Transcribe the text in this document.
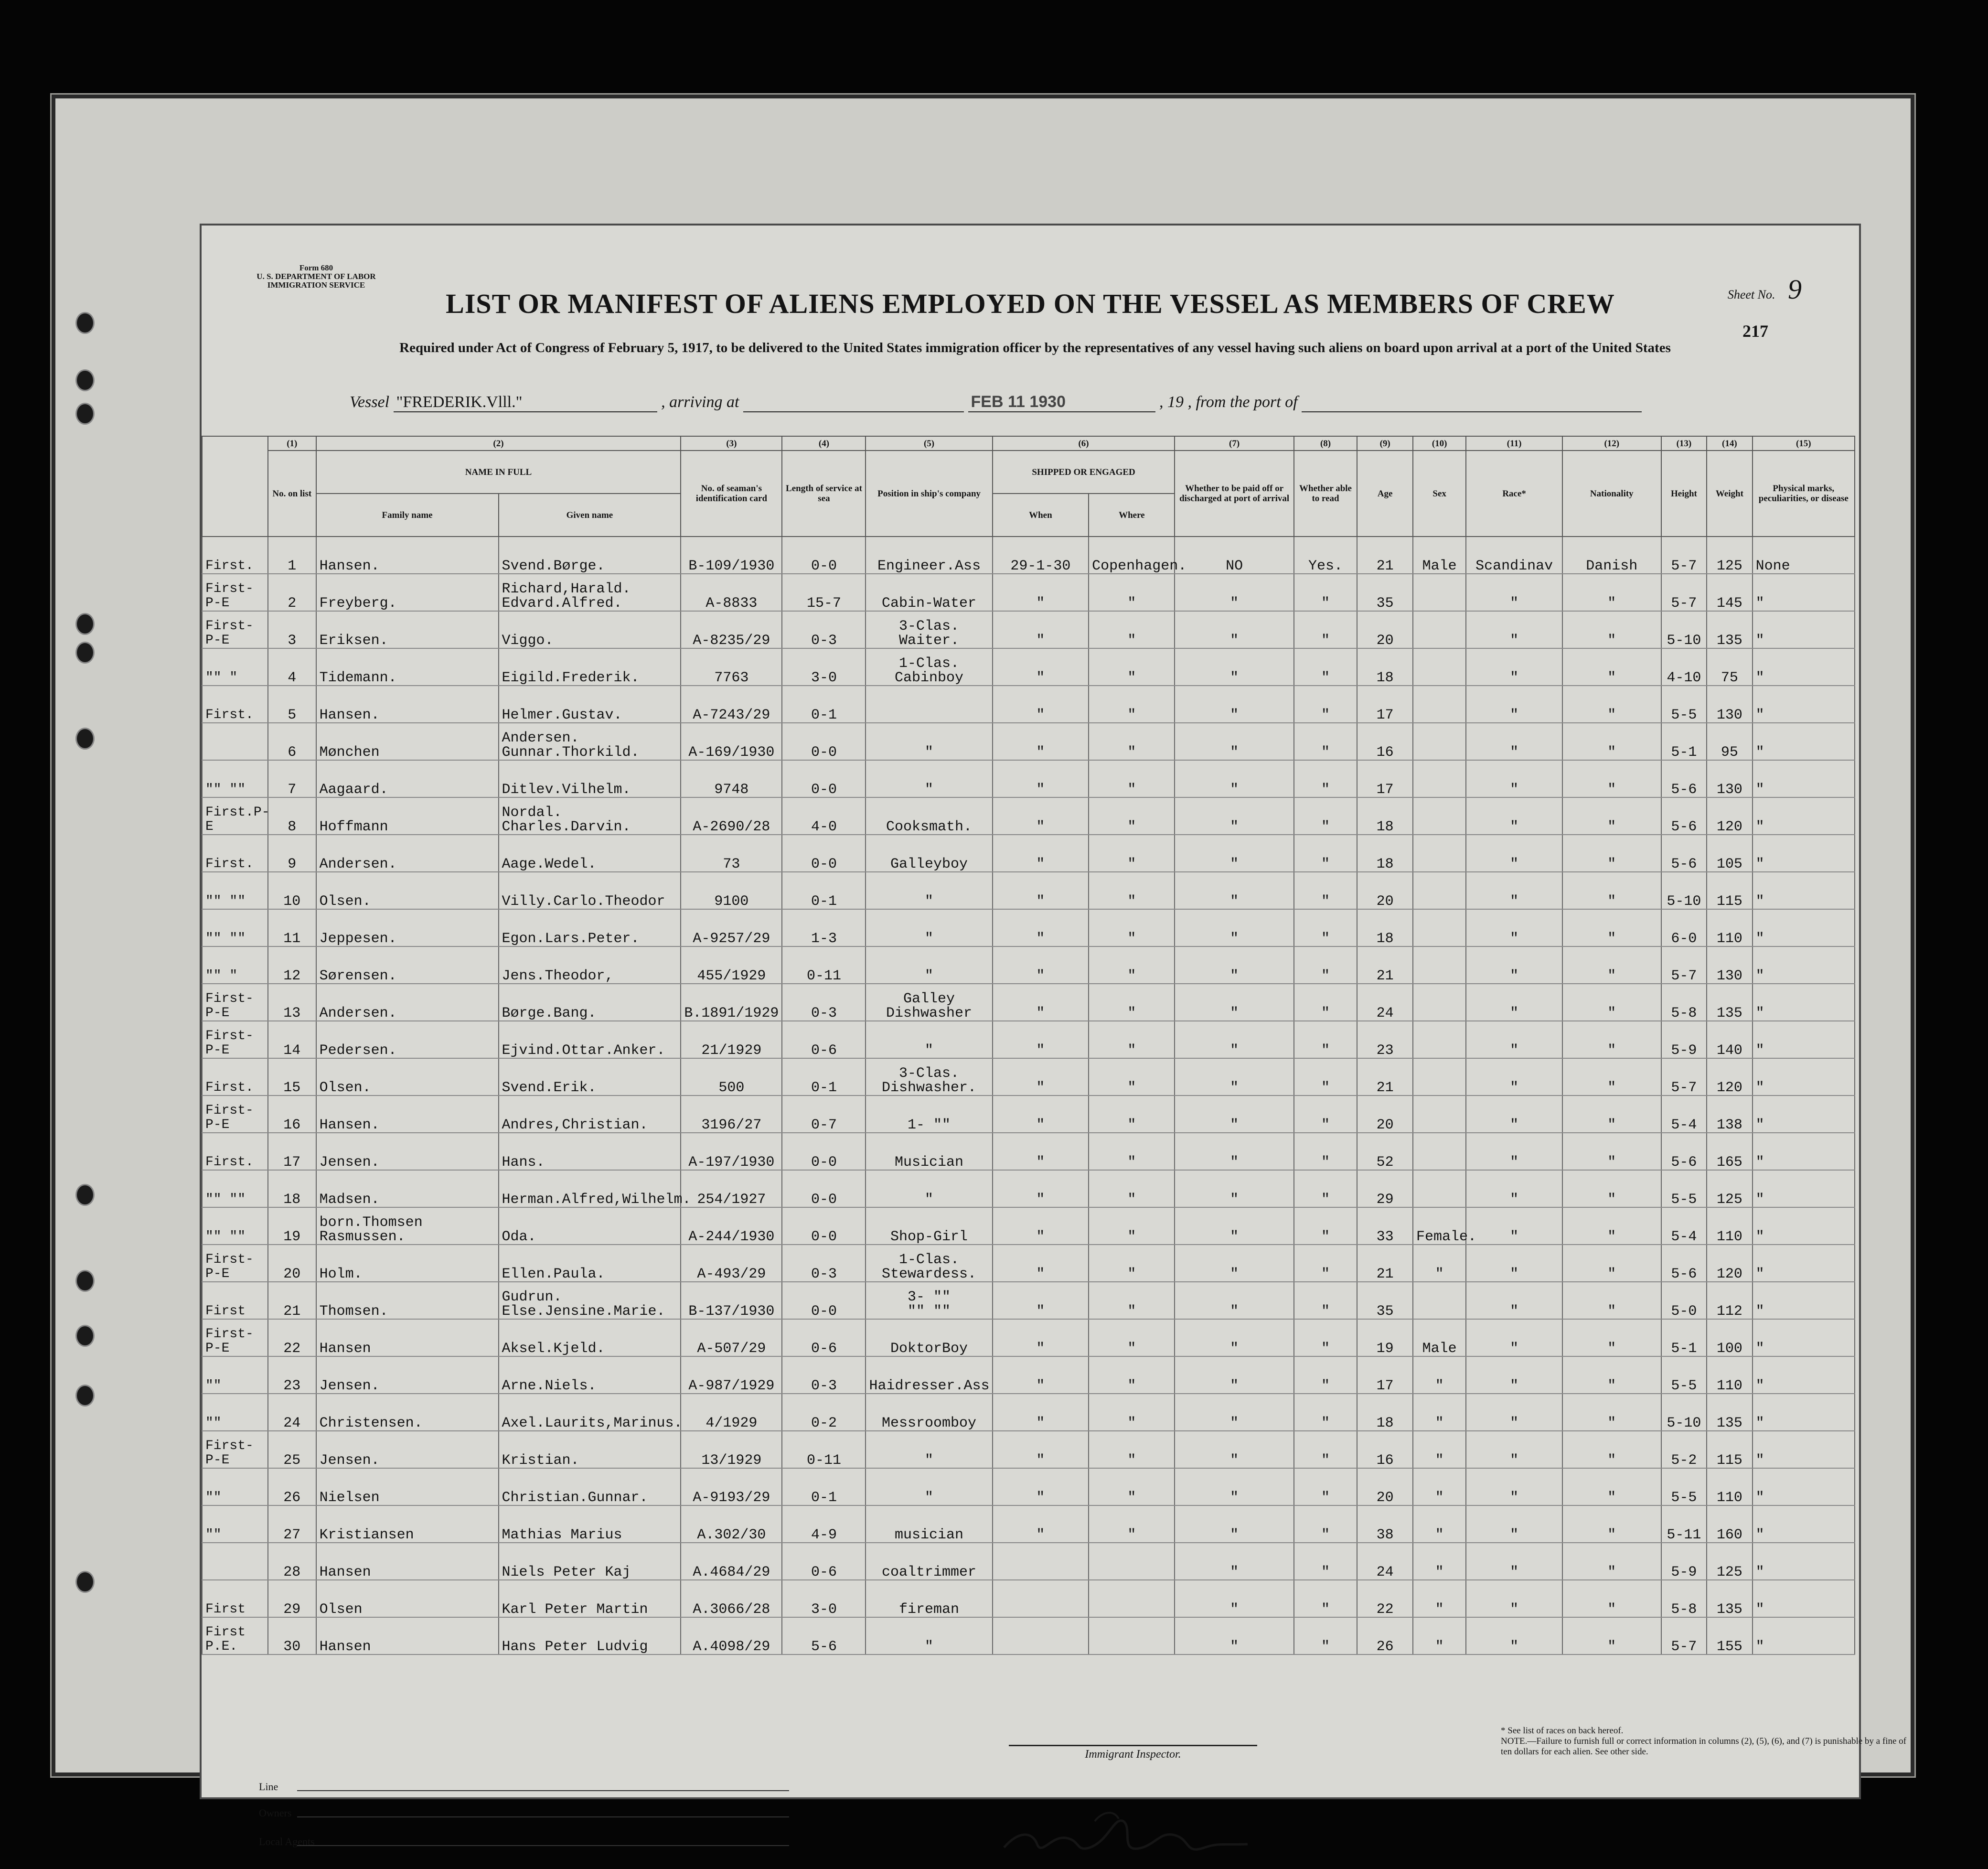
Form 680
U. S. DEPARTMENT OF LABOR
IMMIGRATION SERVICE
Sheet No. 9
LIST OR MANIFEST OF ALIENS EMPLOYED ON THE VESSEL AS MEMBERS OF CREW
217
Required under Act of Congress of February 5, 1917, to be delivered to the United States immigration officer by the representatives of any vessel having such aliens on board upon arrival at a port of the United States
Vessel "FREDERIK.Vlll."	, arriving at	FEB 11 1930	, 19 , from the port of
	(1)	(2)		(3)	(4)	(5)	(6)		(7)	(8)	(9)	(10)	(11)	(12)	(13)	(14)	(15)
	No. on list	NAME IN FULL		No. of seaman's identification card	Length of service at sea	Position in ship's company	SHIPPED OR ENGAGED		Whether to be paid off or discharged at port of arrival	Whether able to read	Age	Sex	Race*	Nationality	Height	Weight	Physical marks, peculiarities, or disease
		Family name	Given name				When	Where									
First.	1	Hansen.	Svend.Børge.	B-109/1930	0-0	Engineer.Ass	29-1-30	Copenhagen.	NO	Yes.	21	Male	Scandinav	Danish	5-7	125	None
First-P-E	2	Freyberg.	Richard,Harald.
Edvard.Alfred.	A-8833	15-7	Cabin-Water	"	"	"	"	35		"	"	5-7	145	"
First-P-E	3	Eriksen.	Viggo.	A-8235/29	0-3	3-Clas.
Waiter.	"	"	"	"	20		"	"	5-10	135	"
"" "	4	Tidemann.	Eigild.Frederik.	7763	3-0	1-Clas.
Cabinboy	"	"	"	"	18		"	"	4-10	75	"
First.	5	Hansen.	Helmer.Gustav.	A-7243/29	0-1		"	"	"	"	17		"	"	5-5	130	"
	6	Mønchen	Andersen.
Gunnar.Thorkild.	A-169/1930	0-0	"	"	"	"	"	16		"	"	5-1	95	"
"" ""	7	Aagaard.	Ditlev.Vilhelm.	9748	0-0	"	"	"	"	"	17		"	"	5-6	130	"
First.P-E	8	Hoffmann	Nordal.
Charles.Darvin.	A-2690/28	4-0	Cooksmath.	"	"	"	"	18		"	"	5-6	120	"
First.	9	Andersen.	Aage.Wedel.	73	0-0	Galleyboy	"	"	"	"	18		"	"	5-6	105	"
"" ""	10	Olsen.	Villy.Carlo.Theodor	9100	0-1	"	"	"	"	"	20		"	"	5-10	115	"
"" ""	11	Jeppesen.	Egon.Lars.Peter.	A-9257/29	1-3	"	"	"	"	"	18		"	"	6-0	110	"
"" "	12	Sørensen.	Jens.Theodor,	455/1929	0-11	"	"	"	"	"	21		"	"	5-7	130	"
First-P-E	13	Andersen.	Børge.Bang.	B.1891/1929	0-3	Galley
Dishwasher	"	"	"	"	24		"	"	5-8	135	"
First-P-E	14	Pedersen.	Ejvind.Ottar.Anker.	21/1929	0-6	"	"	"	"	"	23		"	"	5-9	140	"
First.	15	Olsen.	Svend.Erik.	500	0-1	3-Clas.
Dishwasher.	"	"	"	"	21		"	"	5-7	120	"
First-P-E	16	Hansen.	Andres,Christian.	3196/27	0-7	1- ""	"	"	"	"	20		"	"	5-4	138	"
First.	17	Jensen.	Hans.	A-197/1930	0-0	Musician	"	"	"	"	52		"	"	5-6	165	"
"" ""	18	Madsen.	Herman.Alfred,Wilhelm.	254/1927	0-0	"	"	"	"	"	29		"	"	5-5	125	"
"" ""	19	born.Thomsen
Rasmussen.	Oda.	A-244/1930	0-0	Shop-Girl	"	"	"	"	33	Female.	"	"	5-4	110	"
First-P-E	20	Holm.	Ellen.Paula.	A-493/29	0-3	1-Clas.
Stewardess.	"	"	"	"	21	"	"	"	5-6	120	"
First	21	Thomsen.	Gudrun.
Else.Jensine.Marie.	B-137/1930	0-0	3- ""
"" ""	"	"	"	"	35		"	"	5-0	112	"
First-P-E	22	Hansen	Aksel.Kjeld.	A-507/29	0-6	DoktorBoy	"	"	"	"	19	Male	"	"	5-1	100	"
""	23	Jensen.	Arne.Niels.	A-987/1929	0-3	Haidresser.Ass	"	"	"	"	17	"	"	"	5-5	110	"
""	24	Christensen.	Axel.Laurits,Marinus.	4/1929	0-2	Messroomboy	"	"	"	"	18	"	"	"	5-10	135	"
First-P-E	25	Jensen.	Kristian.	13/1929	0-11	"	"	"	"	"	16	"	"	"	5-2	115	"
""	26	Nielsen	Christian.Gunnar.	A-9193/29	0-1	"	"	"	"	"	20	"	"	"	5-5	110	"
""	27	Kristiansen	Mathias Marius	A.302/30	4-9	musician	"	"	"	"	38	"	"	"	5-11	160	"
	28	Hansen	Niels Peter Kaj	A.4684/29	0-6	coaltrimmer			"	"	24	"	"	"	5-9	125	"
First	29	Olsen	Karl Peter Martin	A.3066/28	3-0	fireman			"	"	22	"	"	"	5-8	135	"
First P.E.	30	Hansen	Hans Peter Ludvig	A.4098/29	5-6	"			"	"	26	"	"	"	5-7	155	"
Line
Owners
Local Agents
Immigrant Inspector.
* See list of races on back hereof.
NOTE.—Failure to furnish full or correct information in columns (2), (5), (6), and (7) is punishable by a fine of ten dollars for each alien. See other side.
